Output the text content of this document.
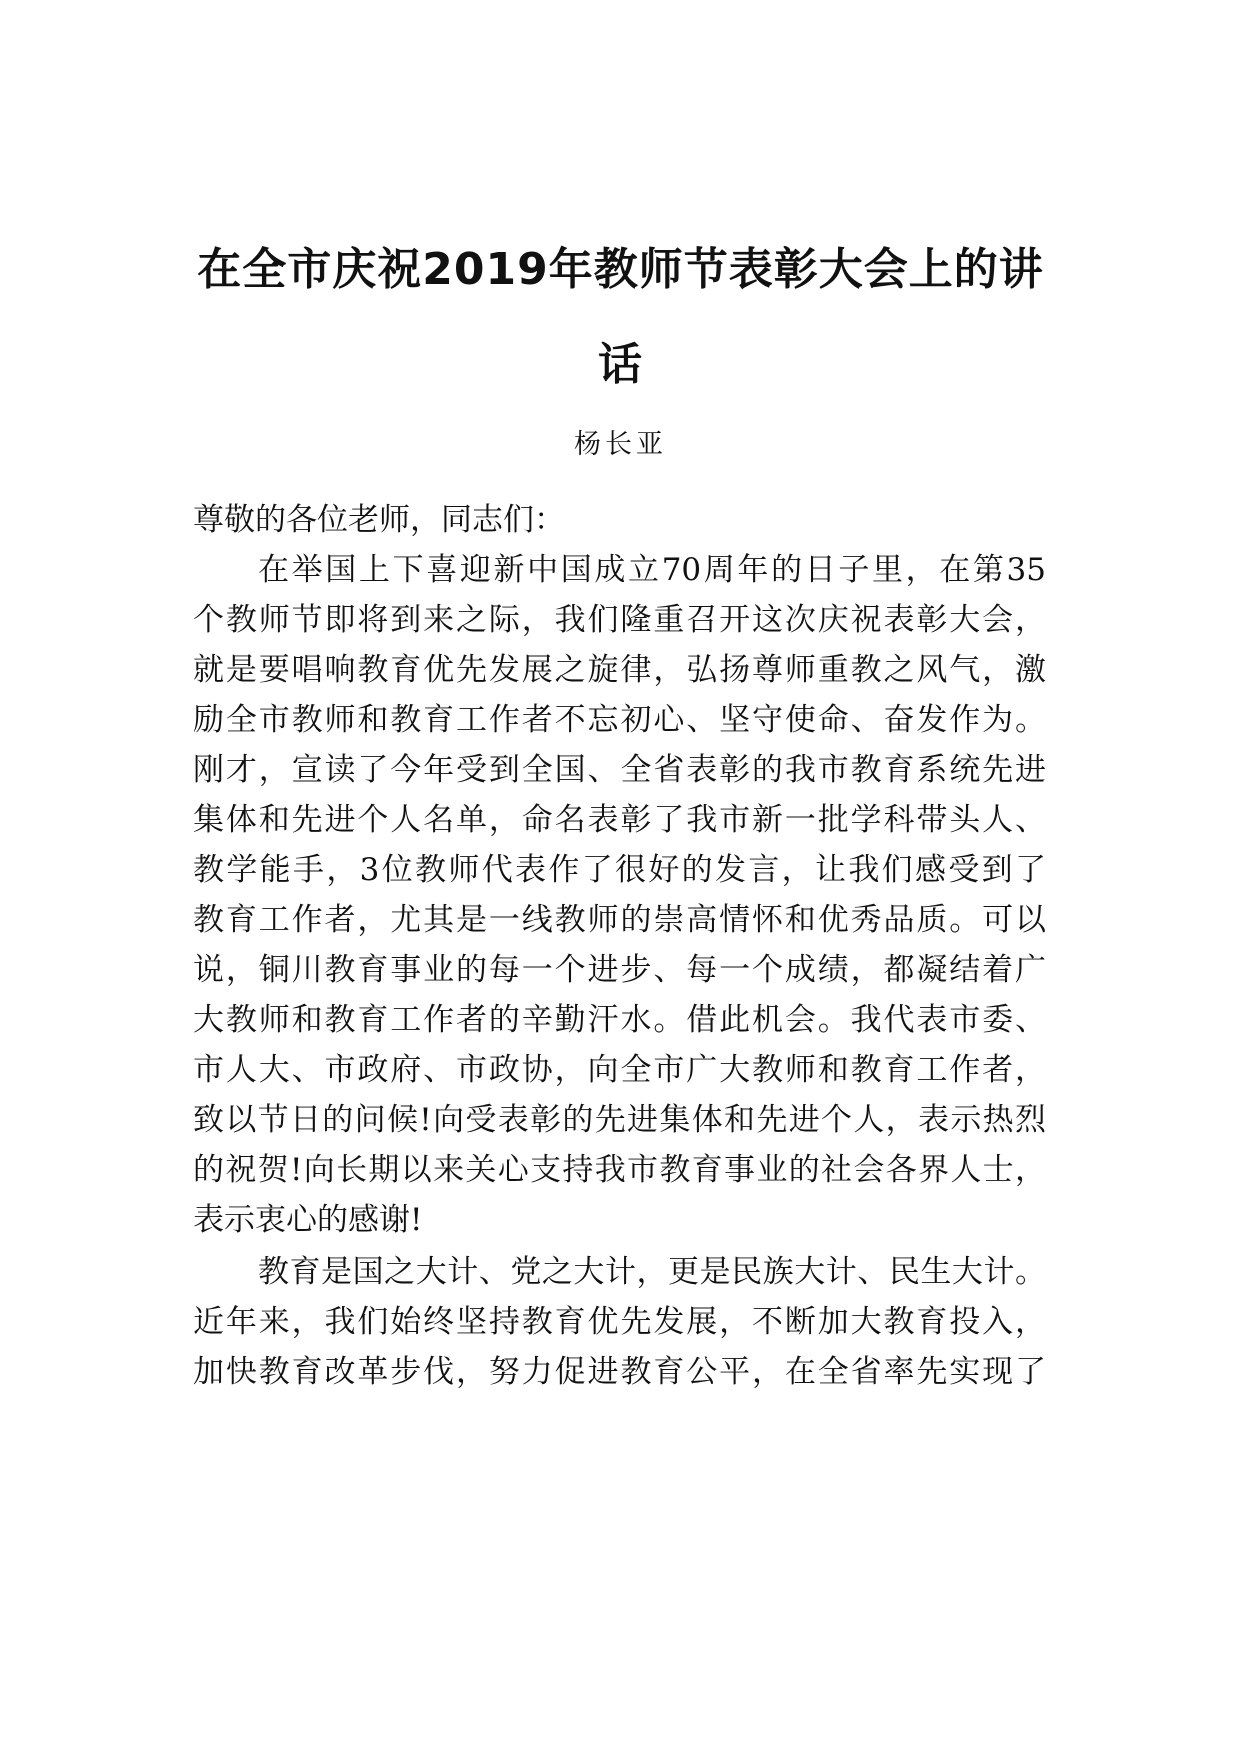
在全市庆祝2019年教师节表彰大会上的讲
话
杨长亚
尊敬的各位老师，同志们：
在举国上下喜迎新中国成立70周年的日子里，在第35
个教师节即将到来之际，我们隆重召开这次庆祝表彰大会，
就是要唱响教育优先发展之旋律，弘扬尊师重教之风气，激
励全市教师和教育工作者不忘初心、坚守使命、奋发作为。
刚才，宣读了今年受到全国、全省表彰的我市教育系统先进
集体和先进个人名单，命名表彰了我市新一批学科带头人、
教学能手，3位教师代表作了很好的发言，让我们感受到了
教育工作者，尤其是一线教师的崇高情怀和优秀品质。可以
说，铜川教育事业的每一个进步、每一个成绩，都凝结着广
大教师和教育工作者的辛勤汗水。借此机会。我代表市委、
市人大、市政府、市政协，向全市广大教师和教育工作者，
致以节日的问候!向受表彰的先进集体和先进个人，表示热烈
的祝贺!向长期以来关心支持我市教育事业的社会各界人士，
表示衷心的感谢!
教育是国之大计、党之大计，更是民族大计、民生大计。
近年来，我们始终坚持教育优先发展，不断加大教育投入，
加快教育改革步伐，努力促进教育公平，在全省率先实现了
